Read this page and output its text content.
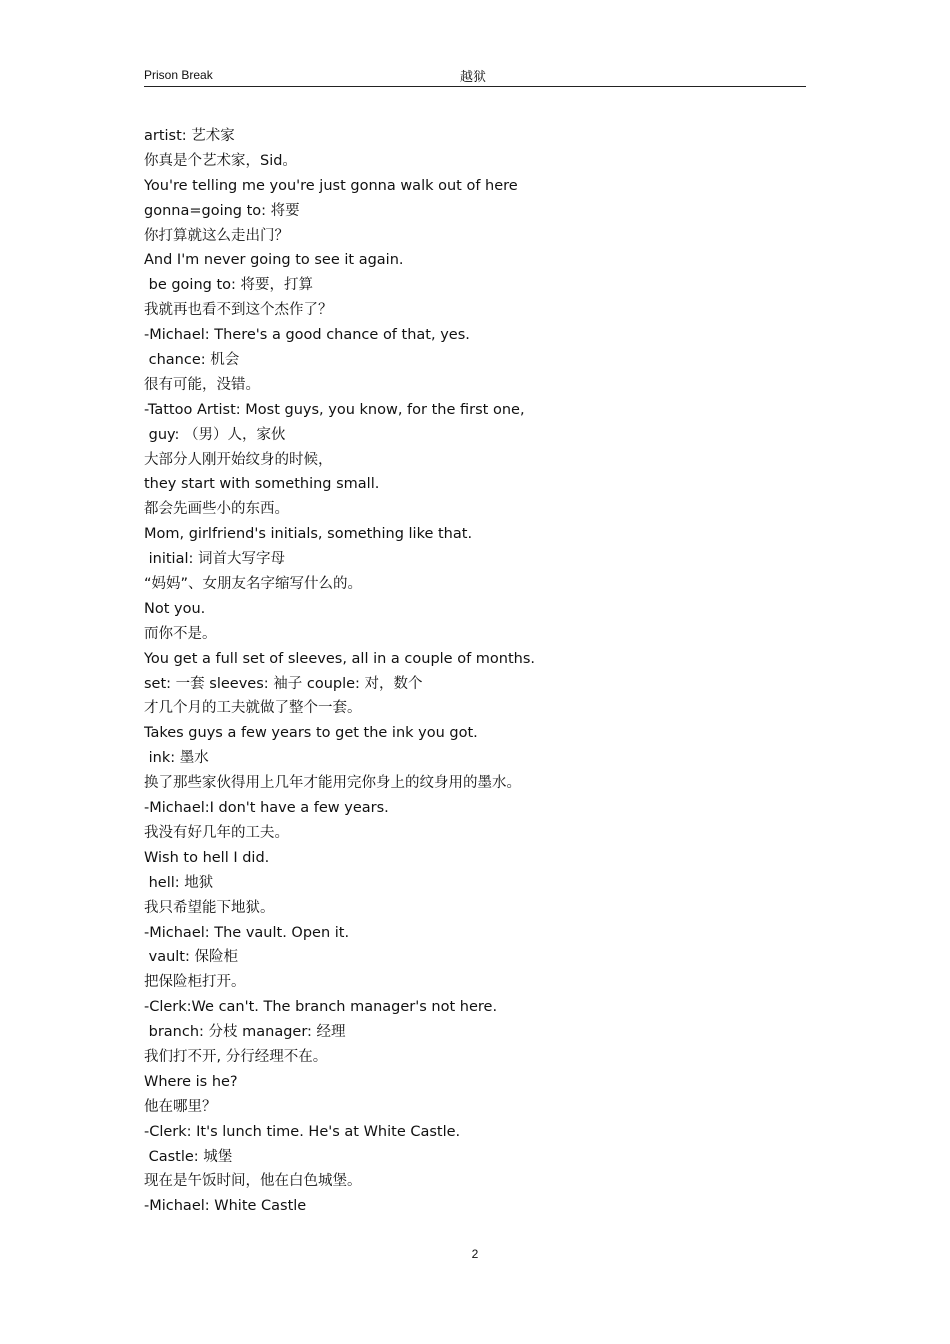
Prison Break	越狱
artist: 艺术家
你真是个艺术家，Sid。
You're telling me you're just gonna walk out of here
gonna=going to: 将要
你打算就这么走出门？
And I'm never going to see it again.
be going to: 将要，打算
我就再也看不到这个杰作了？
-Michael: There's a good chance of that, yes.
chance: 机会
很有可能，没错。
-Tattoo Artist: Most guys, you know, for the first one,
guy: （男）人，家伙
大部分人刚开始纹身的时候，
they start with something small.
都会先画些小的东西。
Mom, girlfriend's initials, something like that.
initial: 词首大写字母
“妈妈”、女朋友名字缩写什么的。
Not you.
而你不是。
You get a full set of sleeves, all in a couple of months.
set: 一套 sleeves: 袖子 couple: 对，数个
才几个月的工夫就做了整个一套。
Takes guys a few years to get the ink you got.
ink: 墨水
换了那些家伙得用上几年才能用完你身上的纹身用的墨水。
-Michael:I don't have a few years.
我没有好几年的工夫。
Wish to hell I did.
hell: 地狱
我只希望能下地狱。
-Michael: The vault. Open it.
vault: 保险柜
把保险柜打开。
-Clerk:We can't. The branch manager's not here.
branch: 分枝 manager: 经理
我们打不开, 分行经理不在。
Where is he?
他在哪里？
-Clerk: It's lunch time. He's at White Castle.
Castle: 城堡
现在是午饭时间，他在白色城堡。
-Michael: White Castle
2
